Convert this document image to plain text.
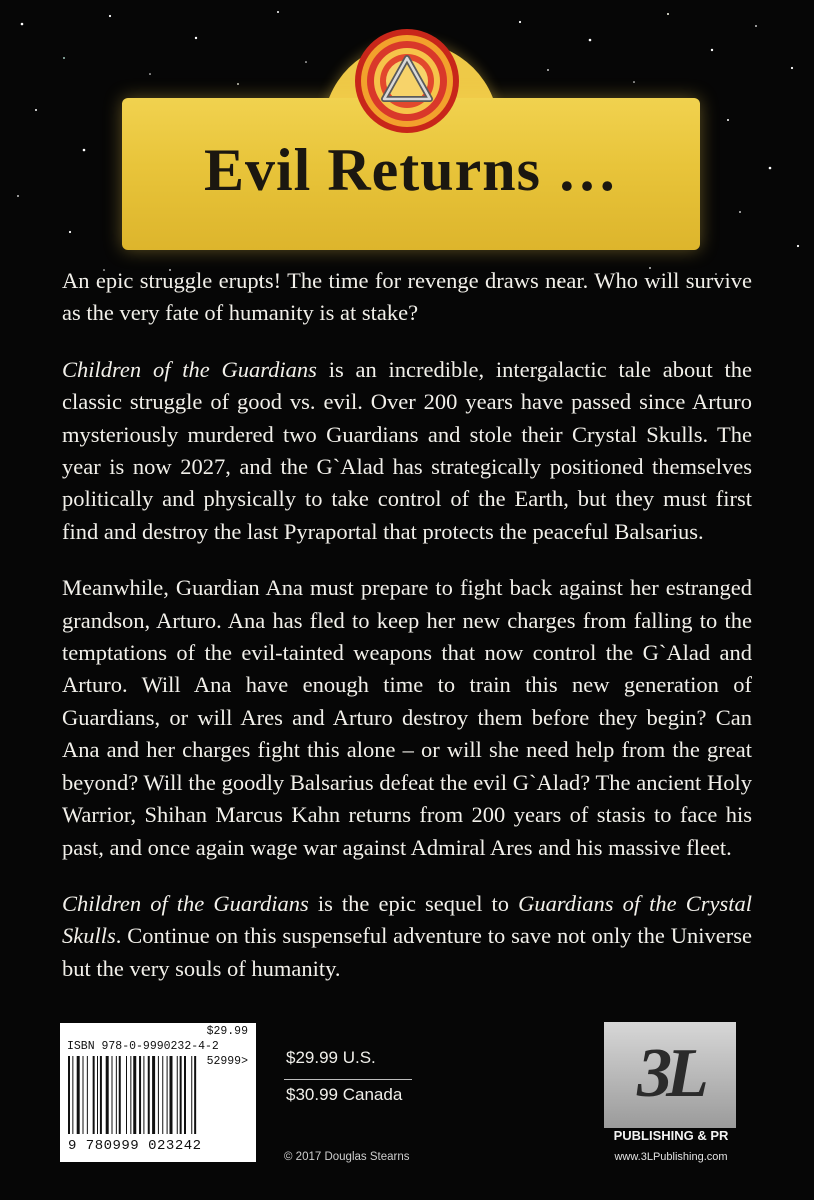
Evil Returns …

An epic struggle erupts! The time for revenge draws near. Who will survive as the very fate of humanity is at stake?

Children of the Guardians is an incredible, intergalactic tale about the classic struggle of good vs. evil. Over 200 years have passed since Arturo mysteriously murdered two Guardians and stole their Crystal Skulls. The year is now 2027, and the G`Alad has strategically positioned themselves politically and physically to take control of the Earth, but they must first find and destroy the last Pyraportal that protects the peaceful Balsarius.

Meanwhile, Guardian Ana must prepare to fight back against her estranged grandson, Arturo. Ana has fled to keep her new charges from falling to the temptations of the evil-tainted weapons that now control the G`Alad and Arturo. Will Ana have enough time to train this new generation of Guardians, or will Ares and Arturo destroy them before they begin? Can Ana and her charges fight this alone – or will she need help from the great beyond? Will the goodly Balsarius defeat the evil G`Alad? The ancient Holy Warrior, Shihan Marcus Kahn returns from 200 years of stasis to face his past, and once again wage war against Admiral Ares and his massive fleet.

Children of the Guardians is the epic sequel to Guardians of the Crystal Skulls. Continue on this suspenseful adventure to save not only the Universe but the very souls of humanity.

$29.99
ISBN 978-0-9990232-4-2
52999>
9 780999 023242
$29.99 U.S.
$30.99 Canada
© 2017 Douglas Stearns
3L
PUBLISHING & PR
www.3LPublishing.com
